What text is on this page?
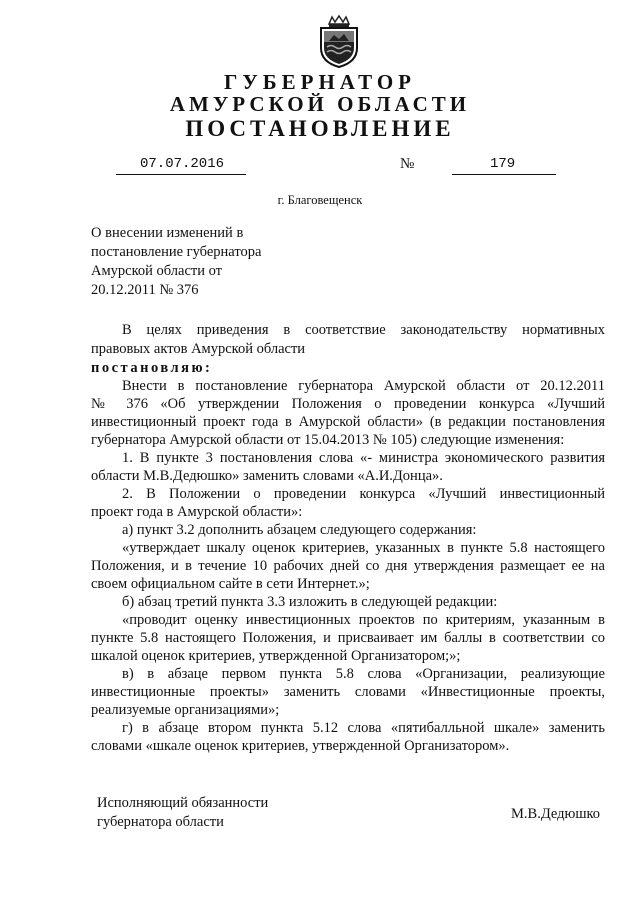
ГУБЕРНАТОР
АМУРСКОЙ ОБЛАСТИ
ПОСТАНОВЛЕНИЕ
07.07.2016	№	179
г. Благовещенск
О внесении изменений в
постановление губернатора
Амурской области от
20.12.2011 № 376
В целях приведения в соответствие законодательству нормативных
правовых актов Амурской области
постановляю:
Внести в постановление губернатора Амурской области от 20.12.2011
№ 376 «Об утверждении Положения о проведении конкурса «Лучший
инвестиционный проект года в Амурской области» (в редакции постановления
губернатора Амурской области от 15.04.2013 № 105) следующие изменения:
1. В пункте 3 постановления слова «- министра экономического развития
области М.В.Дедюшко» заменить словами «А.И.Донца».
2. В Положении о проведении конкурса «Лучший инвестиционный
проект года в Амурской области»:
а) пункт 3.2 дополнить абзацем следующего содержания:
«утверждает шкалу оценок критериев, указанных в пункте 5.8 настоящего
Положения, и в течение 10 рабочих дней со дня утверждения размещает ее на
своем официальном сайте в сети Интернет.»;
б) абзац третий пункта 3.3 изложить в следующей редакции:
«проводит оценку инвестиционных проектов по критериям, указанным в
пункте 5.8 настоящего Положения, и присваивает им баллы в соответствии со
шкалой оценок критериев, утвержденной Организатором;»;
в) в абзаце первом пункта 5.8 слова «Организации, реализующие
инвестиционные проекты» заменить словами «Инвестиционные проекты,
реализуемые организациями»;
г) в абзаце втором пункта 5.12 слова «пятибалльной шкале» заменить
словами «шкале оценок критериев, утвержденной Организатором».
Исполняющий обязанности
губернатора области	М.В.Дедюшко
